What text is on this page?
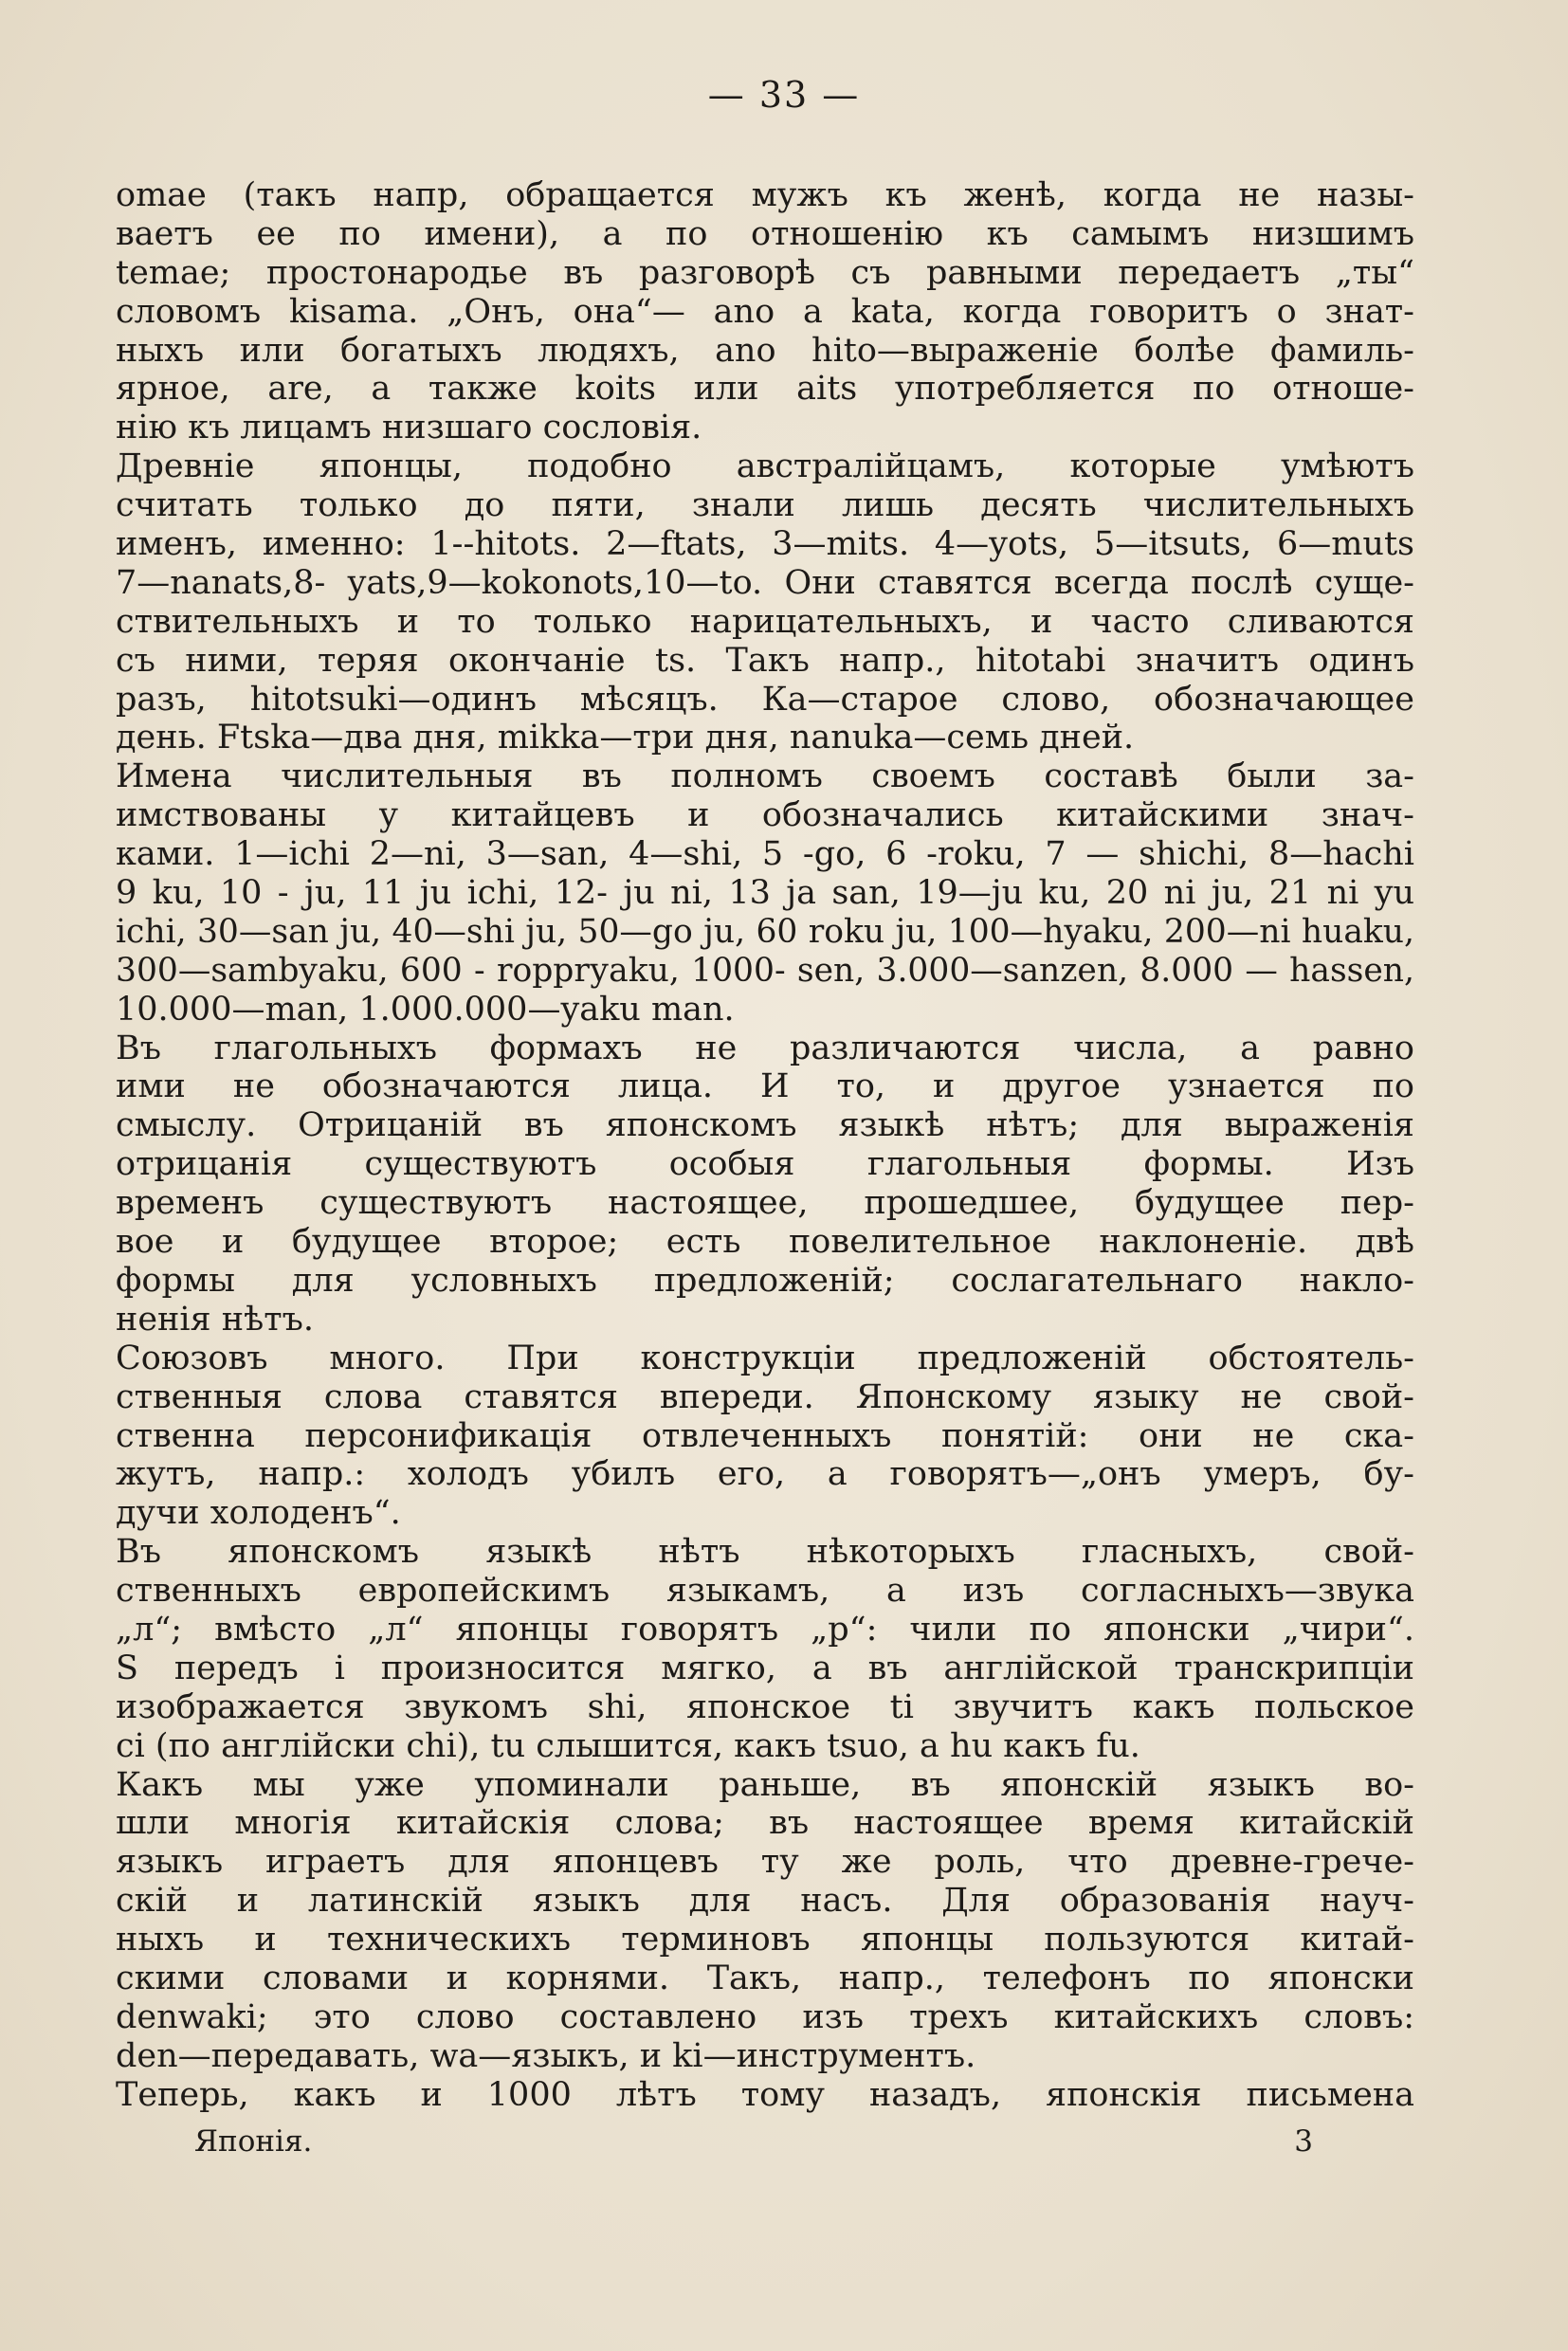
— 33 —
omae (такъ напр, обращается мужъ къ женѣ, когда не назы-
ваетъ ее по имени), а по отношенію къ самымъ низшимъ
temae; простонародье въ разговорѣ съ равными передаетъ „ты“
словомъ kisama. „Онъ, она“— ano a kata, когда говоритъ о знат-
ныхъ или богатыхъ людяхъ, ano hito—выраженіе болѣе фамиль-
ярное, are, а также koits или aits употребляется по отноше-
нію къ лицамъ низшаго сословія.
Древніе японцы, подобно австралійцамъ, которые умѣютъ
считать только до пяти, знали лишь десять числительныхъ
именъ, именно: 1--hitots. 2—ftats, 3—mits. 4—yots, 5—itsuts, 6—muts
7—nanats,8- yats,9—kokonots,10—to. Они ставятся всегда послѣ суще-
ствительныхъ и то только нарицательныхъ, и часто сливаются
съ ними, теряя окончаніе ts. Такъ напр., hitotabi значитъ одинъ
разъ, hitotsuki—одинъ мѣсяцъ. Ка—старое слово, обозначающее
день. Ftska—два дня, mikka—три дня, nanuka—семь дней.
Имена числительныя въ полномъ своемъ составѣ были за-
имствованы у китайцевъ и обозначались китайскими знач-
ками. 1—ichi 2—ni, 3—san, 4—shi, 5 -go, 6 -roku, 7 — shichi, 8—hachi
9 ku, 10 - ju, 11 ju ichi, 12- ju ni, 13 ja san, 19—ju ku, 20 ni ju, 21 ni yu
ichi, 30—san ju, 40—shi ju, 50—go ju, 60 roku ju, 100—hyaku, 200—ni huaku,
300—sambyaku, 600 - ropprуaku, 1000- sen, 3.000—sanzen, 8.000 — hassen,
10.000—man, 1.000.000—yaku man.
Въ глагольныхъ формахъ не различаются числа, а равно
ими не обозначаются лица. И то, и другое узнается по
смыслу. Отрицаній въ японскомъ языкѣ нѣтъ; для выраженія
отрицанія существуютъ особыя глагольныя формы. Изъ
временъ существуютъ настоящее, прошедшее, будущее пер-
вое и будущее второе; есть повелительное наклоненіе. двѣ
формы для условныхъ предложеній; сослагательнаго накло-
ненія нѣтъ.
Союзовъ много. При конструкціи предложеній обстоятель-
ственныя слова ставятся впереди. Японскому языку не свой-
ственна персонификація отвлеченныхъ понятій: они не ска-
жутъ, напр.: холодъ убилъ его, а говорятъ—„онъ умеръ, бу-
дучи холоденъ“.
Въ японскомъ языкѣ нѣтъ нѣкоторыхъ гласныхъ, свой-
ственныхъ европейскимъ языкамъ, а изъ согласныхъ—звука
„л“; вмѣсто „л“ японцы говорятъ „р“: чили по японски „чири“.
S передъ i произносится мягко, а въ англійской транскрипціи
изображается звукомъ shi, японское ti звучитъ какъ польское
ci (по англійски chi), tu слышится, какъ tsuo, а hu какъ fu.
Какъ мы уже упоминали раньше, въ японскій языкъ во-
шли многія китайскія слова; въ настоящее время китайскій
языкъ играетъ для японцевъ ту же роль, что древне-грече-
скій и латинскій языкъ для насъ. Для образованія науч-
ныхъ и техническихъ терминовъ японцы пользуются китай-
скими словами и корнями. Такъ, напр., телефонъ по японски
denwaki; это слово составлено изъ трехъ китайскихъ словъ:
den—передавать, wa—языкъ, и ki—инструментъ.
Теперь, какъ и 1000 лѣтъ тому назадъ, японскія письмена
Японія.	3
